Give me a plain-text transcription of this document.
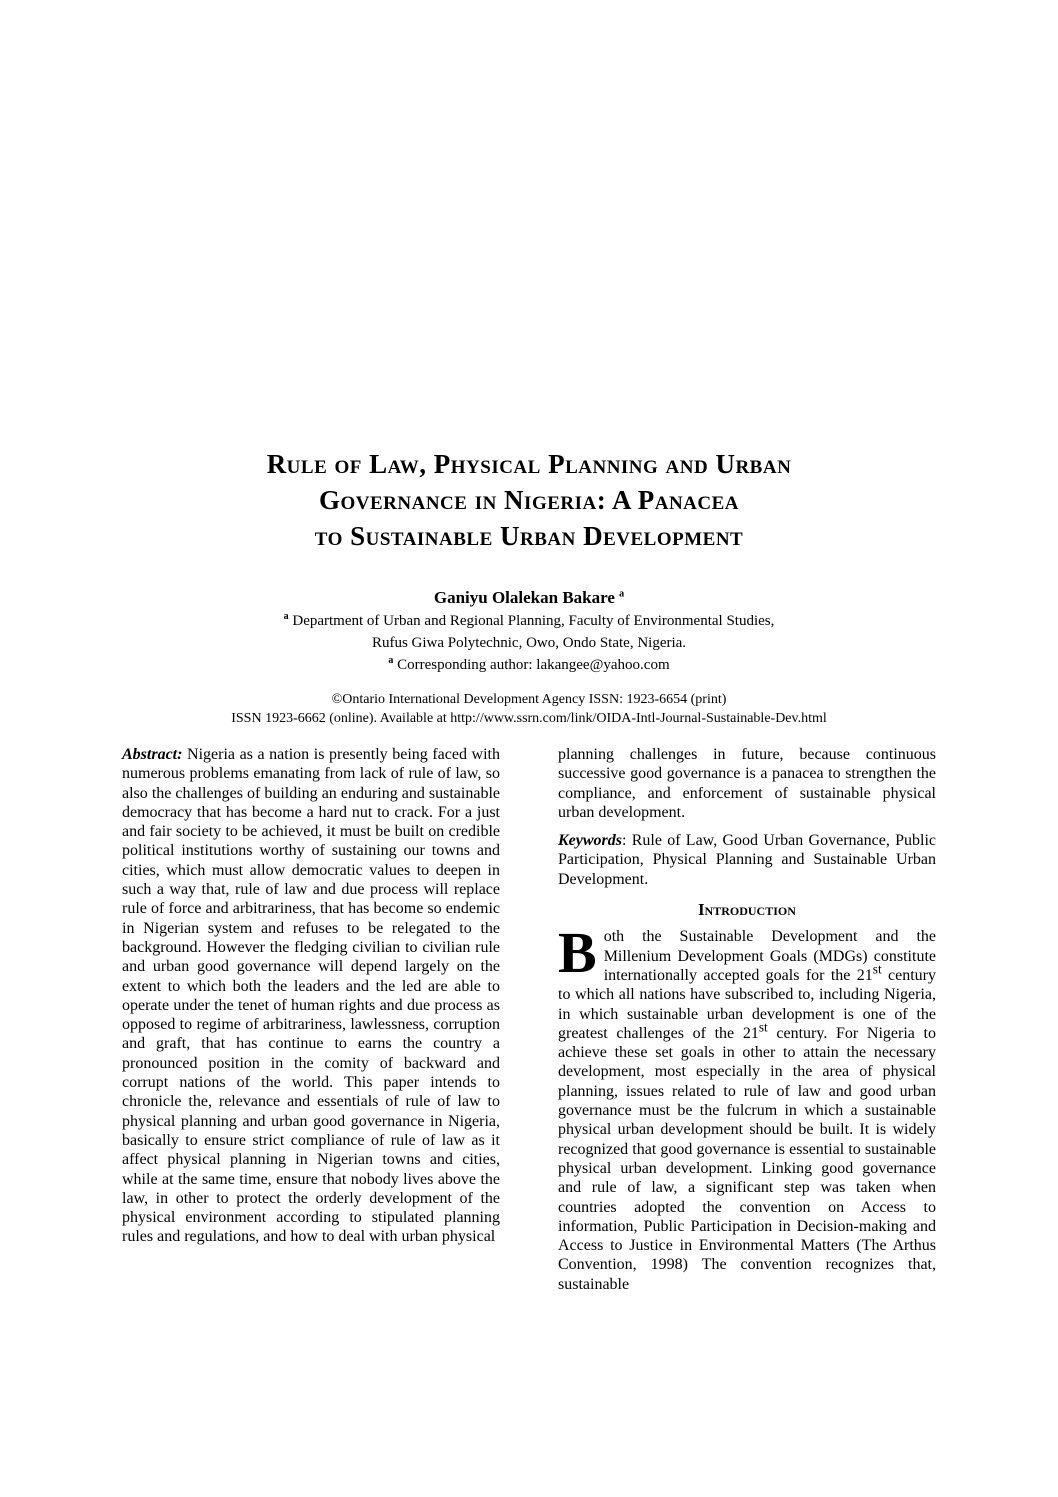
Rule of Law, Physical Planning and Urban
Governance in Nigeria: A Panacea
to Sustainable Urban Development
Ganiyu Olalekan Bakare $^a$
$^a$ Department of Urban and Regional Planning, Faculty of Environmental Studies,
Rufus Giwa Polytechnic, Owo, Ondo State, Nigeria.
$^a$ Corresponding author: lakangee@yahoo.com
©Ontario International Development Agency ISSN: 1923-6654 (print)
ISSN 1923-6662 (online). Available at http://www.ssrn.com/link/OIDA-Intl-Journal-Sustainable-Dev.html

Abstract: Nigeria as a nation is presently being faced with numerous problems emanating from lack of rule of law, so also the challenges of building an enduring and sustainable democracy that has become a hard nut to crack. For a just and fair society to be achieved, it must be built on credible political institutions worthy of sustaining our towns and cities, which must allow democratic values to deepen in such a way that, rule of law and due process will replace rule of force and arbitrariness, that has become so endemic in Nigerian system and refuses to be relegated to the background. However the fledging civilian to civilian rule and urban good governance will depend largely on the extent to which both the leaders and the led are able to operate under the tenet of human rights and due process as opposed to regime of arbitrariness, lawlessness, corruption and graft, that has continue to earns the country a pronounced position in the comity of backward and corrupt nations of the world. This paper intends to chronicle the, relevance and essentials of rule of law to physical planning and urban good governance in Nigeria, basically to ensure strict compliance of rule of law as it affect physical planning in Nigerian towns and cities, while at the same time, ensure that nobody lives above the law, in other to protect the orderly development of the physical environment according to stipulated planning rules and regulations, and how to deal with urban physical

planning challenges in future, because continuous successive good governance is a panacea to strengthen the compliance, and enforcement of sustainable physical urban development.

Keywords: Rule of Law, Good Urban Governance, Public Participation, Physical Planning and Sustainable Urban Development.

Introduction

Both the Sustainable Development and the Millenium Development Goals (MDGs) constitute internationally accepted goals for the 21st century to which all nations have subscribed to, including Nigeria, in which sustainable urban development is one of the greatest challenges of the 21st century. For Nigeria to achieve these set goals in other to attain the necessary development, most especially in the area of physical planning, issues related to rule of law and good urban governance must be the fulcrum in which a sustainable physical urban development should be built. It is widely recognized that good governance is essential to sustainable physical urban development. Linking good governance and rule of law, a significant step was taken when countries adopted the convention on Access to information, Public Participation in Decision-making and Access to Justice in Environmental Matters (The Arthus Convention, 1998) The convention recognizes that, sustainable
